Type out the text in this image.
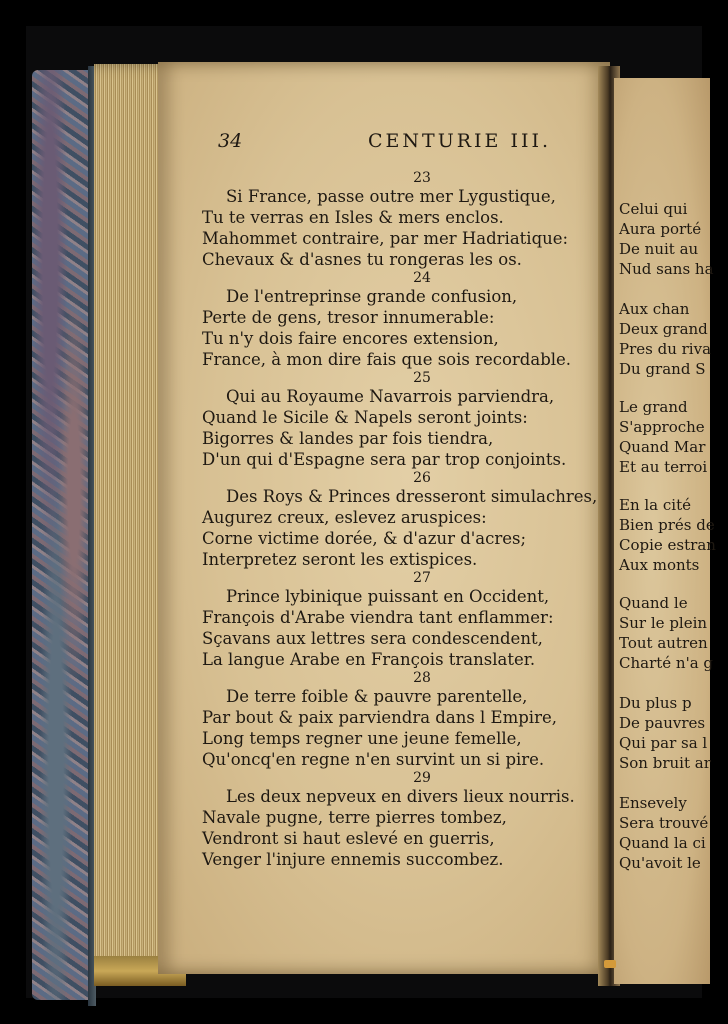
34	CENTURIE III.
23
Si France, passe outre mer Lygustique,
Tu te verras en Isles & mers enclos.
Mahommet contraire, par mer Hadriatique:
Chevaux & d'asnes tu rongeras les os.
24
De l'entreprinse grande confusion,
Perte de gens, tresor innumerable:
Tu n'y dois faire encores extension,
France, à mon dire fais que sois recordable.
25
Qui au Royaume Navarrois parviendra,
Quand le Sicile & Napels seront joints:
Bigorres & landes par fois tiendra,
D'un qui d'Espagne sera par trop conjoints.
26
Des Roys & Princes dresseront simulachres,
Augurez creux, eslevez aruspices:
Corne victime dorée, & d'azur d'acres;
Interpretez seront les extispices.
27
Prince lybinique puissant en Occident,
François d'Arabe viendra tant enflammer:
Sçavans aux lettres sera condescendent,
La langue Arabe en François translater.
28
De terre foible & pauvre parentelle,
Par bout & paix parviendra dans l Empire,
Long temps regner une jeune femelle,
Qu'oncq'en regne n'en survint un si pire.
29
Les deux nepveux en divers lieux nourris.
Navale pugne, terre pierres tombez,
Vendront si haut eslevé en guerris,
Venger l'injure ennemis succombez.
Celui qui
Aura porté
De nuit au
Nud sans ha
Aux chan
Deux grand
Pres du riva
Du grand S
Le grand
S'approche
Quand Mar
Et au terroi
En la cité
Bien prés de
Copie estran
Aux monts
Quand le
Sur le plein
Tout autren
Charté n'a g
Du plus p
De pauvres
Qui par sa l
Son bruit ar
Ensevely
Sera trouvé
Quand la ci
Qu'avoit le
